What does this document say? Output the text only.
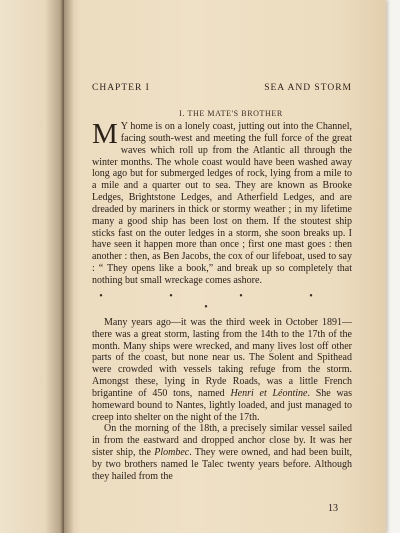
CHAPTER I	SEA AND STORM
I. THE MATE'S BROTHER

M Y home is on a lonely coast, jutting out into the Channel, facing south-west and meeting the full force of the great waves which roll up from the Atlantic all through the winter months. The whole coast would have been washed away long ago but for submerged ledges of rock, lying from a mile to a mile and a quarter out to sea. They are known as Brooke Ledges, Brightstone Ledges, and Atherfield Ledges, and are dreaded by mariners in thick or stormy weather ; in my lifetime many a good ship has been lost on them. If the stoutest ship sticks fast on the outer ledges in a storm, she soon breaks up. I have seen it happen more than once ; first one mast goes : then another : then, as Ben Jacobs, the cox of our lifeboat, used to say : “ They opens like a book,” and break up so completely that nothing but small wreckage comes ashore.

• • • • •

Many years ago—it was the third week in October 1891—there was a great storm, lasting from the 14th to the 17th of the month. Many ships were wrecked, and many lives lost off other parts of the coast, but none near us. The Solent and Spithead were crowded with vessels taking refuge from the storm. Amongst these, lying in Ryde Roads, was a little French brigantine of 450 tons, named Henri et Léontine. She was homeward bound to Nantes, lightly loaded, and just managed to creep into shelter on the night of the 17th.

On the morning of the 18th, a precisely similar vessel sailed in from the eastward and dropped anchor close by. It was her sister ship, the Plombec. They were owned, and had been built, by two brothers named le Talec twenty years before. Although they hailed from the

13
